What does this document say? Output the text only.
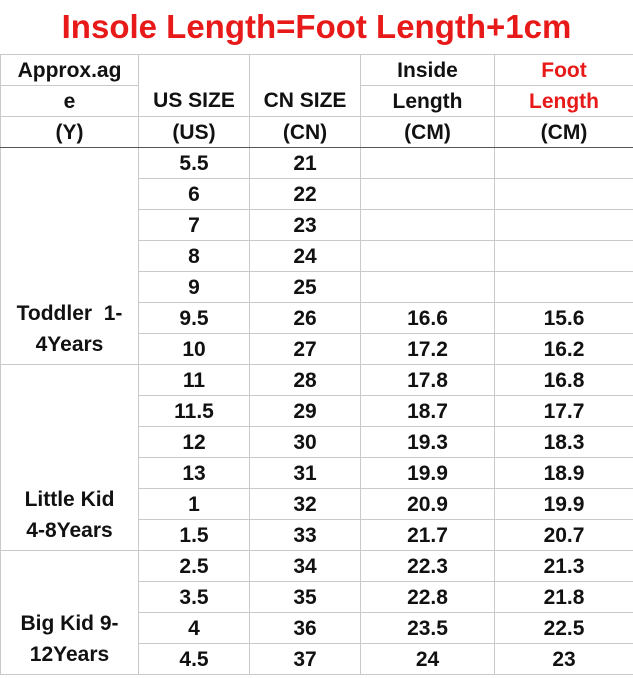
Insole Length=Foot Length+1cm
Approx.ag	US SIZE	CN SIZE	Inside	Foot
e			Length	Length
(Y)	(US)	(CN)	(CM)	(CM)

Toddler  1-
4Years	5.5	21		
	6	22		
	7	23		
	8	24		
	9	25		
	9.5	26	16.6	15.6
	10	27	17.2	16.2

Little Kid
4-8Years	11	28	17.8	16.8
	11.5	29	18.7	17.7
	12	30	19.3	18.3
	13	31	19.9	18.9
	1	32	20.9	19.9
	1.5	33	21.7	20.7

Big Kid 9-
12Years	2.5	34	22.3	21.3
	3.5	35	22.8	21.8
	4	36	23.5	22.5
	4.5	37	24	23
